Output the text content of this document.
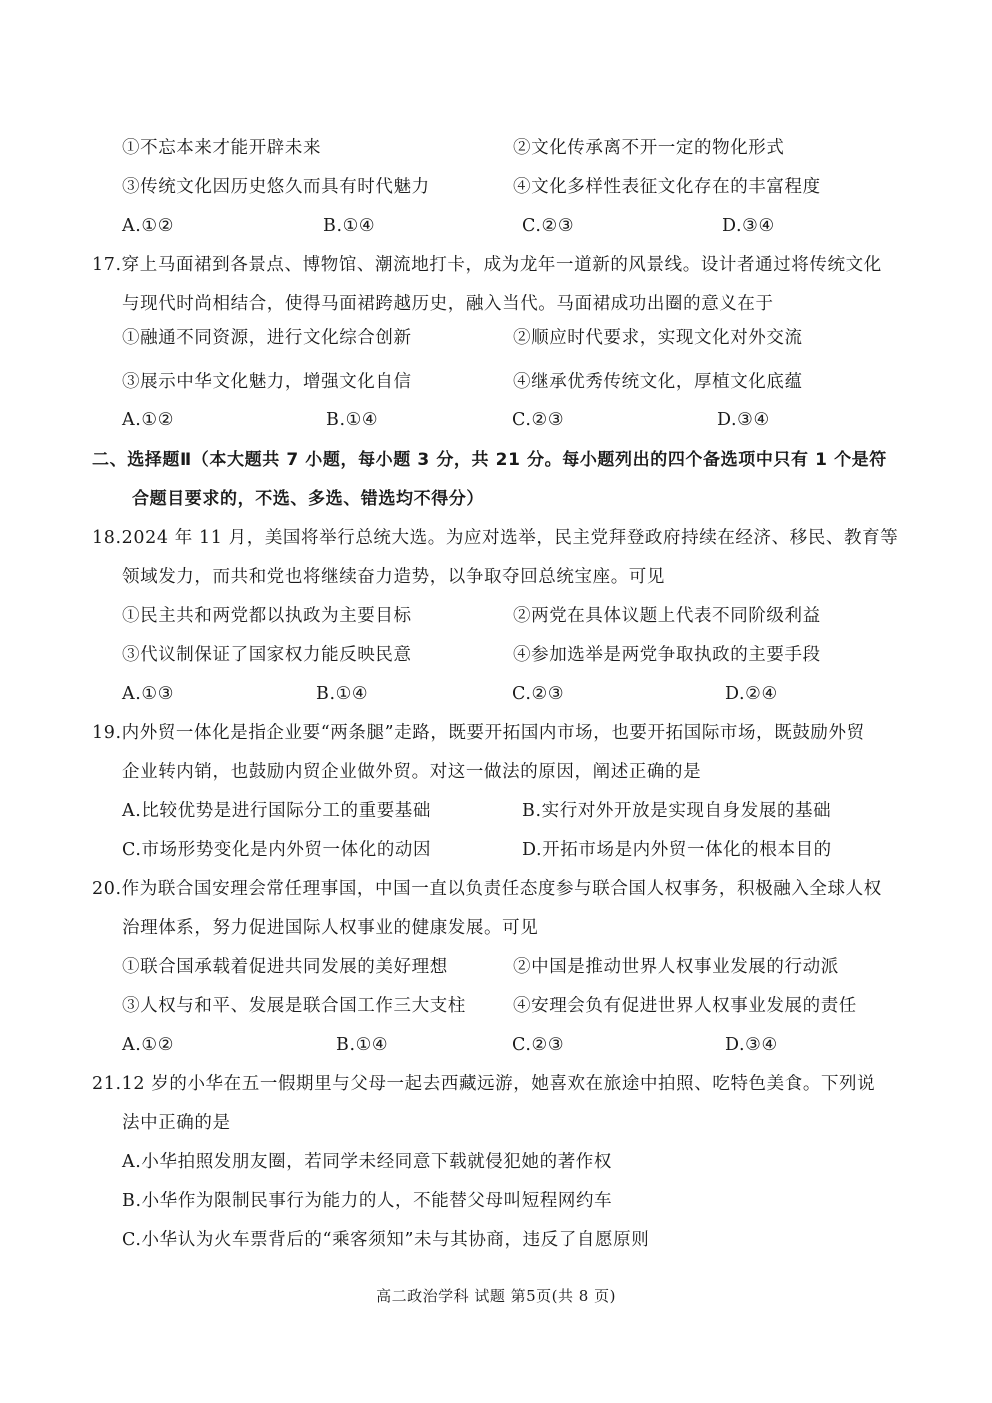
①不忘本来才能开辟未来	②文化传承离不开一定的物化形式
③传统文化因历史悠久而具有时代魅力	④文化多样性表征文化存在的丰富程度
A.①②	B.①④	C.②③	D.③④
17.穿上马面裙到各景点、博物馆、潮流地打卡，成为龙年一道新的风景线。设计者通过将传统文化
与现代时尚相结合，使得马面裙跨越历史，融入当代。马面裙成功出圈的意义在于
①融通不同资源，进行文化综合创新	②顺应时代要求，实现文化对外交流
③展示中华文化魅力，增强文化自信	④继承优秀传统文化，厚植文化底蕴
A.①②	B.①④	C.②③	D.③④
二、选择题Ⅱ（本大题共 7 小题，每小题 3 分，共 21 分。每小题列出的四个备选项中只有 1 个是符
合题目要求的，不选、多选、错选均不得分）
18.2024 年 11 月，美国将举行总统大选。为应对选举，民主党拜登政府持续在经济、移民、教育等
领域发力，而共和党也将继续奋力造势，以争取夺回总统宝座。可见
①民主共和两党都以执政为主要目标	②两党在具体议题上代表不同阶级利益
③代议制保证了国家权力能反映民意	④参加选举是两党争取执政的主要手段
A.①③	B.①④	C.②③	D.②④
19.内外贸一体化是指企业要“两条腿”走路，既要开拓国内市场，也要开拓国际市场，既鼓励外贸
企业转内销，也鼓励内贸企业做外贸。对这一做法的原因，阐述正确的是
A.比较优势是进行国际分工的重要基础	B.实行对外开放是实现自身发展的基础
C.市场形势变化是内外贸一体化的动因	D.开拓市场是内外贸一体化的根本目的
20.作为联合国安理会常任理事国，中国一直以负责任态度参与联合国人权事务，积极融入全球人权
治理体系，努力促进国际人权事业的健康发展。可见
①联合国承载着促进共同发展的美好理想	②中国是推动世界人权事业发展的行动派
③人权与和平、发展是联合国工作三大支柱	④安理会负有促进世界人权事业发展的责任
A.①②	B.①④	C.②③	D.③④
21.12 岁的小华在五一假期里与父母一起去西藏远游，她喜欢在旅途中拍照、吃特色美食。下列说
法中正确的是
A.小华拍照发朋友圈，若同学未经同意下载就侵犯她的著作权
B.小华作为限制民事行为能力的人，不能替父母叫短程网约车
C.小华认为火车票背后的“乘客须知”未与其协商，违反了自愿原则
高二政治学科 试题 第5页(共 8 页)
